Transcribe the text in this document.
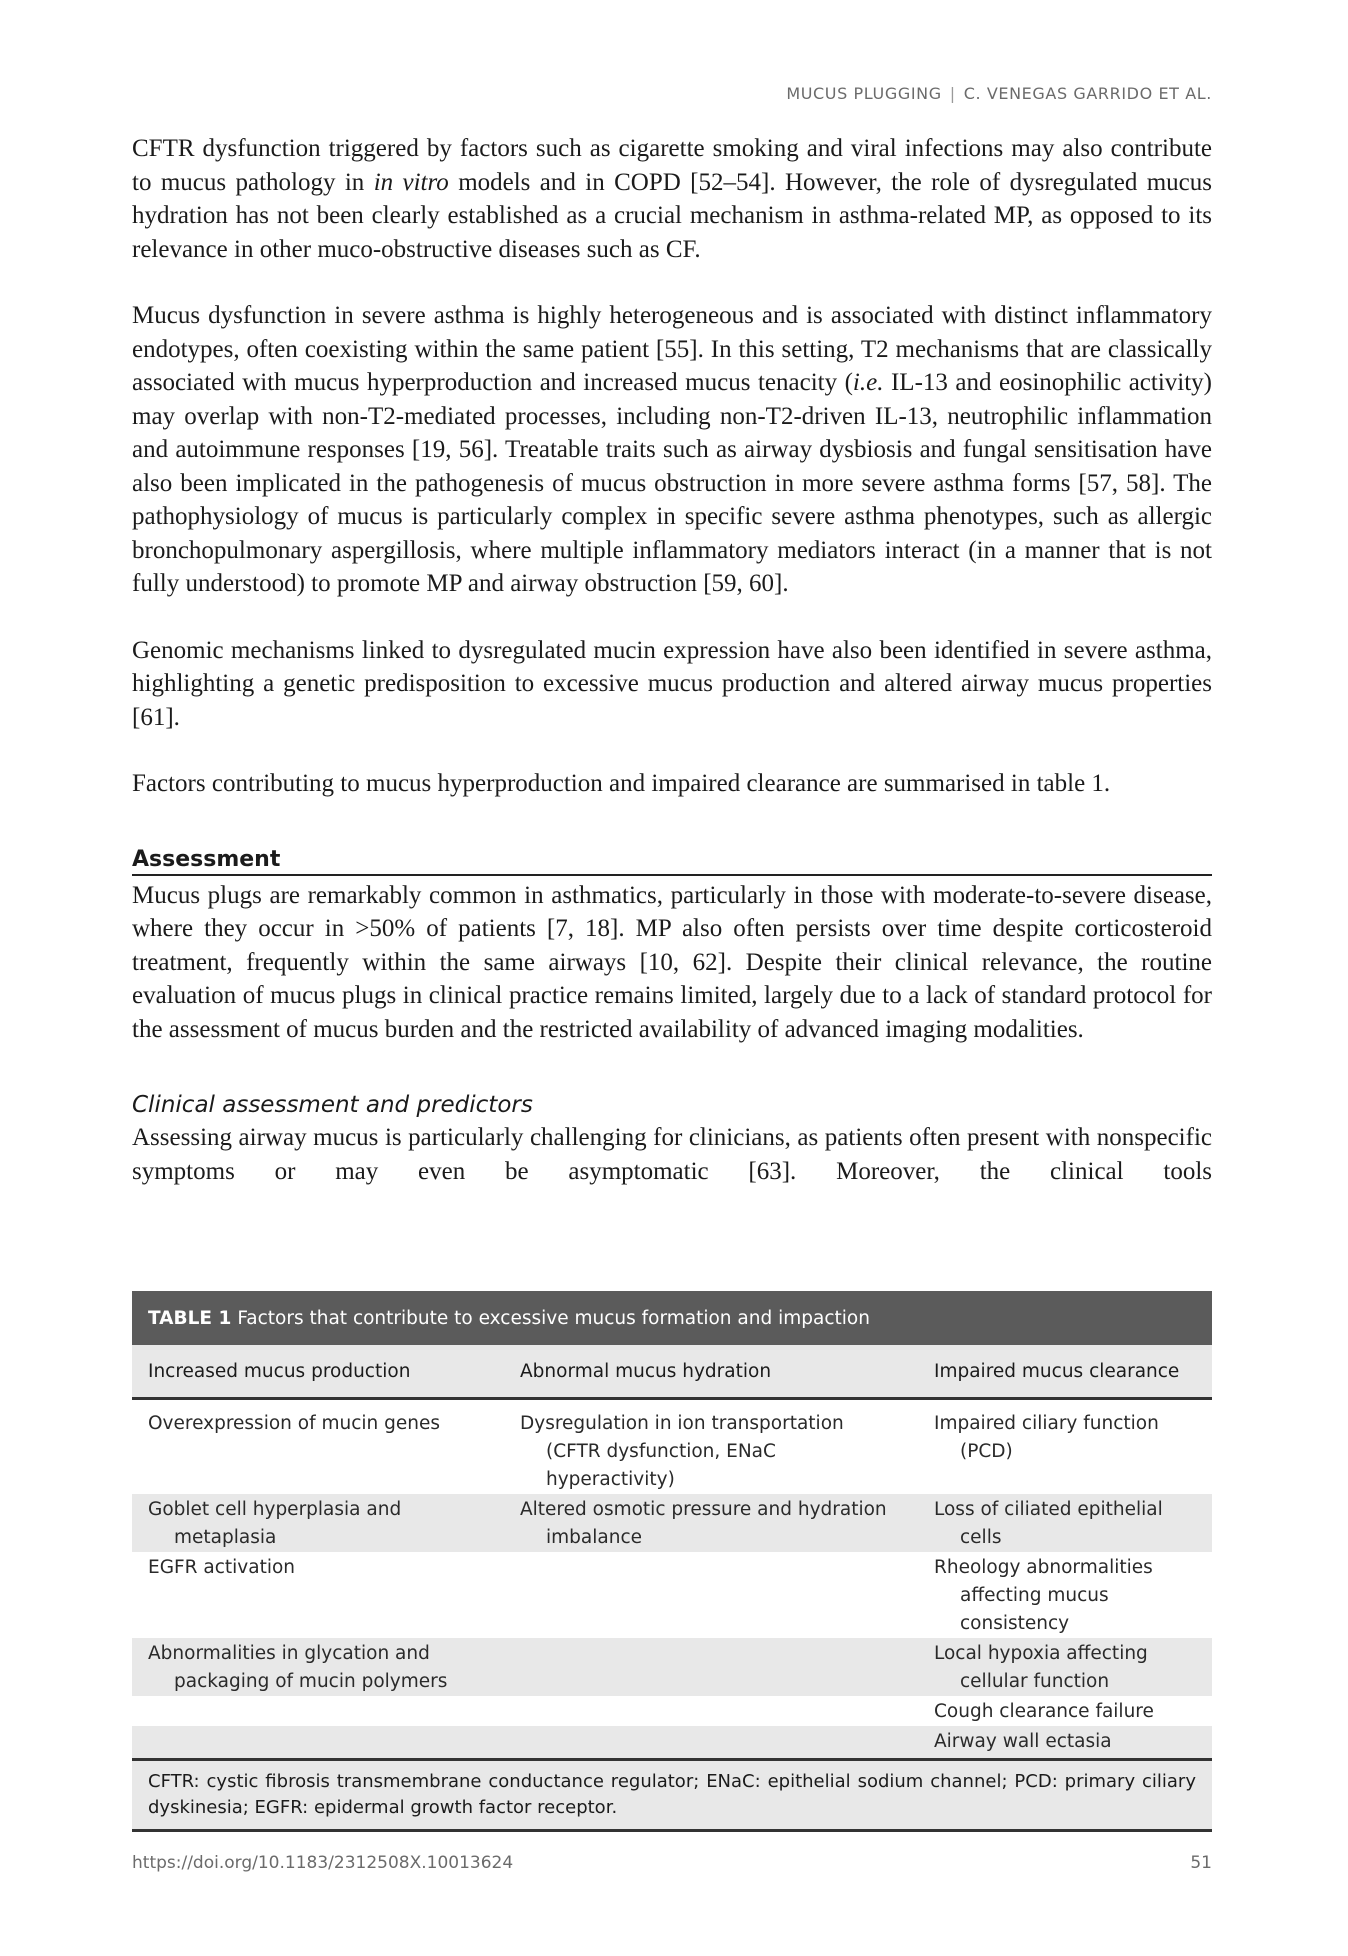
MUCUS PLUGGING | C. VENEGAS GARRIDO ET AL.

CFTR dysfunction triggered by factors such as cigarette smoking and viral infections may also contribute to mucus pathology in in vitro models and in COPD [52–54]. However, the role of dysregulated mucus hydration has not been clearly established as a crucial mechanism in asthma-related MP, as opposed to its relevance in other muco-obstructive diseases such as CF.

Mucus dysfunction in severe asthma is highly heterogeneous and is associated with distinct inflammatory endotypes, often coexisting within the same patient [55]. In this setting, T2 mechanisms that are classically associated with mucus hyperproduction and increased mucus tenacity (i.e. IL-13 and eosinophilic activity) may overlap with non-T2-mediated processes, including non-T2-driven IL-13, neutrophilic inflammation and autoimmune responses [19, 56]. Treatable traits such as airway dysbiosis and fungal sensitisation have also been implicated in the pathogenesis of mucus obstruction in more severe asthma forms [57, 58]. The pathophysiology of mucus is particularly complex in specific severe asthma phenotypes, such as allergic bronchopulmonary aspergillosis, where multiple inflammatory mediators interact (in a manner that is not fully understood) to promote MP and airway obstruction [59, 60].

Genomic mechanisms linked to dysregulated mucin expression have also been identified in severe asthma, highlighting a genetic predisposition to excessive mucus production and altered airway mucus properties [61].

Factors contributing to mucus hyperproduction and impaired clearance are summarised in table 1.

Assessment

Mucus plugs are remarkably common in asthmatics, particularly in those with moderate-to-severe disease, where they occur in >50% of patients [7, 18]. MP also often persists over time despite corticosteroid treatment, frequently within the same airways [10, 62]. Despite their clinical relevance, the routine evaluation of mucus plugs in clinical practice remains limited, largely due to a lack of standard protocol for the assessment of mucus burden and the restricted availability of advanced imaging modalities.

Clinical assessment and predictors

Assessing airway mucus is particularly challenging for clinicians, as patients often present with nonspecific symptoms or may even be asymptomatic [63]. Moreover, the clinical tools

TABLE 1 Factors that contribute to excessive mucus formation and impaction
Increased mucus production	Abnormal mucus hydration	Impaired mucus clearance

Overexpression of mucin genes	Dysregulation in ion transportation (CFTR dysfunction, ENaC hyperactivity)	Impaired ciliary function (PCD)

Goblet cell hyperplasia and metaplasia	Altered osmotic pressure and hydration imbalance	Loss of ciliated epithelial cells

EGFR activation		Rheology abnormalities affecting mucus consistency

Abnormalities in glycation and packaging of mucin polymers		Local hypoxia affecting cellular function

		Cough clearance failure

		Airway wall ectasia
CFTR: cystic fibrosis transmembrane conductance regulator; ENaC: epithelial sodium channel; PCD: primary ciliary dyskinesia; EGFR: epidermal growth factor receptor.
https://doi.org/10.1183/2312508X.10013624	51
